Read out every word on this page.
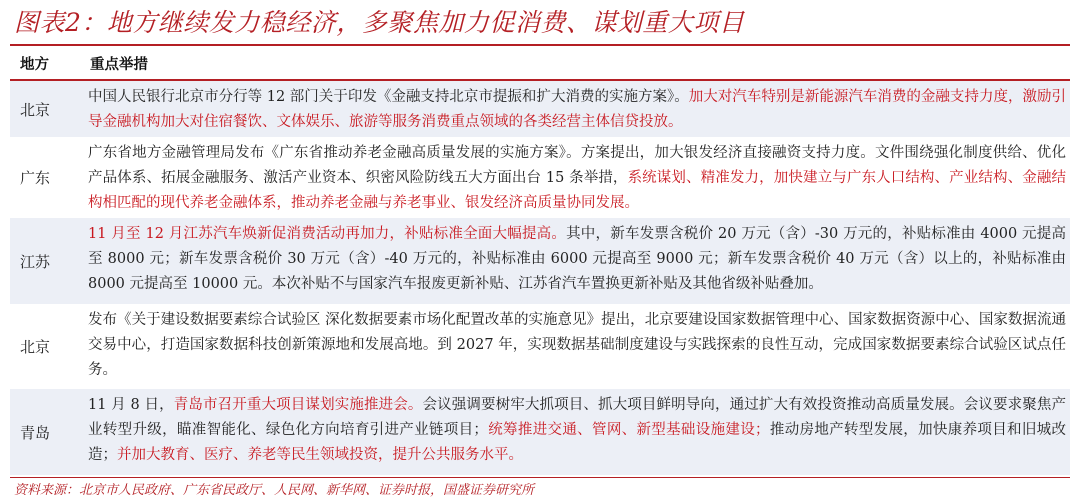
图表2：地方继续发力稳经济，多聚焦加力促消费、谋划重大项目
地方	重点举措
北京
中国人民银行北京市分行等 12 部门关于印发《金融支持北京市提振和扩大消费的实施方案》。加大对汽车特别是新能源汽车消费的金融支持力度，激励引导金融机构加大对住宿餐饮、文体娱乐、旅游等服务消费重点领域的各类经营主体信贷投放。
广东
广东省地方金融管理局发布《广东省推动养老金融高质量发展的实施方案》。方案提出，加大银发经济直接融资支持力度。文件围绕强化制度供给、优化产品体系、拓展金融服务、激活产业资本、织密风险防线五大方面出台 15 条举措，系统谋划、精准发力，加快建立与广东人口结构、产业结构、金融结构相匹配的现代养老金融体系，推动养老金融与养老事业、银发经济高质量协同发展。
江苏
11 月至 12 月江苏汽车焕新促消费活动再加力，补贴标准全面大幅提高。其中，新车发票含税价 20 万元（含）-30 万元的，补贴标准由 4000 元提高至 8000 元；新车发票含税价 30 万元（含）-40 万元的，补贴标准由 6000 元提高至 9000 元；新车发票含税价 40 万元（含）以上的，补贴标准由 8000 元提高至 10000 元。本次补贴不与国家汽车报废更新补贴、江苏省汽车置换更新补贴及其他省级补贴叠加。
北京
发布《关于建设数据要素综合试验区 深化数据要素市场化配置改革的实施意见》提出，北京要建设国家数据管理中心、国家数据资源中心、国家数据流通交易中心，打造国家数据科技创新策源地和发展高地。到 2027 年，实现数据基础制度建设与实践探索的良性互动，完成国家数据要素综合试验区试点任务。
青岛
11 月 8 日，青岛市召开重大项目谋划实施推进会。会议强调要树牢大抓项目、抓大项目鲜明导向，通过扩大有效投资推动高质量发展。会议要求聚焦产业转型升级，瞄准智能化、绿色化方向培育引进产业链项目；统筹推进交通、管网、新型基础设施建设；推动房地产转型发展，加快康养项目和旧城改造；并加大教育、医疗、养老等民生领域投资，提升公共服务水平。
资料来源：北京市人民政府、广东省民政厅、人民网、新华网、证券时报，国盛证券研究所
